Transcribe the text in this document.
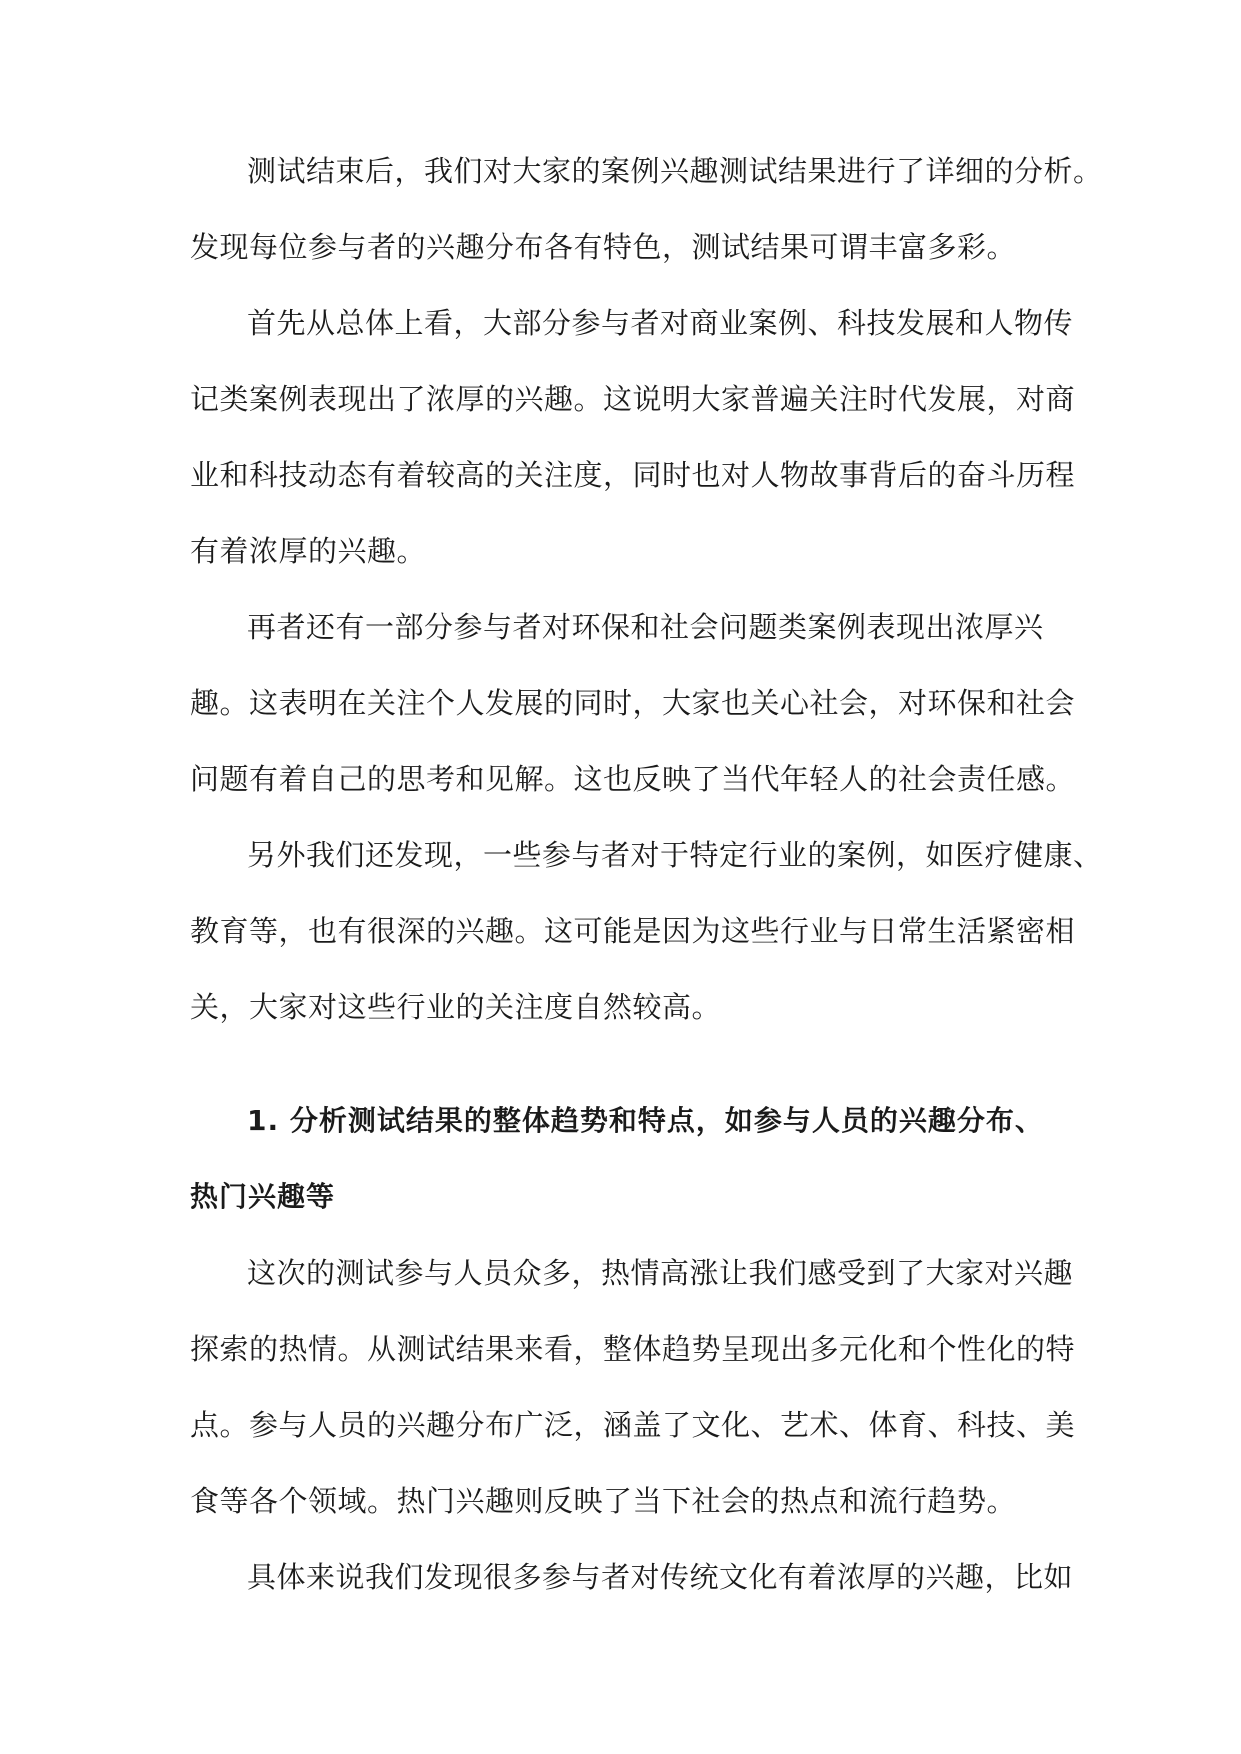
测试结束后，我们对大家的案例兴趣测试结果进行了详细的分析。
发现每位参与者的兴趣分布各有特色，测试结果可谓丰富多彩。
首先从总体上看，大部分参与者对商业案例、科技发展和人物传
记类案例表现出了浓厚的兴趣。这说明大家普遍关注时代发展，对商
业和科技动态有着较高的关注度，同时也对人物故事背后的奋斗历程
有着浓厚的兴趣。
再者还有一部分参与者对环保和社会问题类案例表现出浓厚兴
趣。这表明在关注个人发展的同时，大家也关心社会，对环保和社会
问题有着自己的思考和见解。这也反映了当代年轻人的社会责任感。
另外我们还发现，一些参与者对于特定行业的案例，如医疗健康、
教育等，也有很深的兴趣。这可能是因为这些行业与日常生活紧密相
关，大家对这些行业的关注度自然较高。
1. 分析测试结果的整体趋势和特点，如参与人员的兴趣分布、
热门兴趣等
这次的测试参与人员众多，热情高涨让我们感受到了大家对兴趣
探索的热情。从测试结果来看，整体趋势呈现出多元化和个性化的特
点。参与人员的兴趣分布广泛，涵盖了文化、艺术、体育、科技、美
食等各个领域。热门兴趣则反映了当下社会的热点和流行趋势。
具体来说我们发现很多参与者对传统文化有着浓厚的兴趣，比如
